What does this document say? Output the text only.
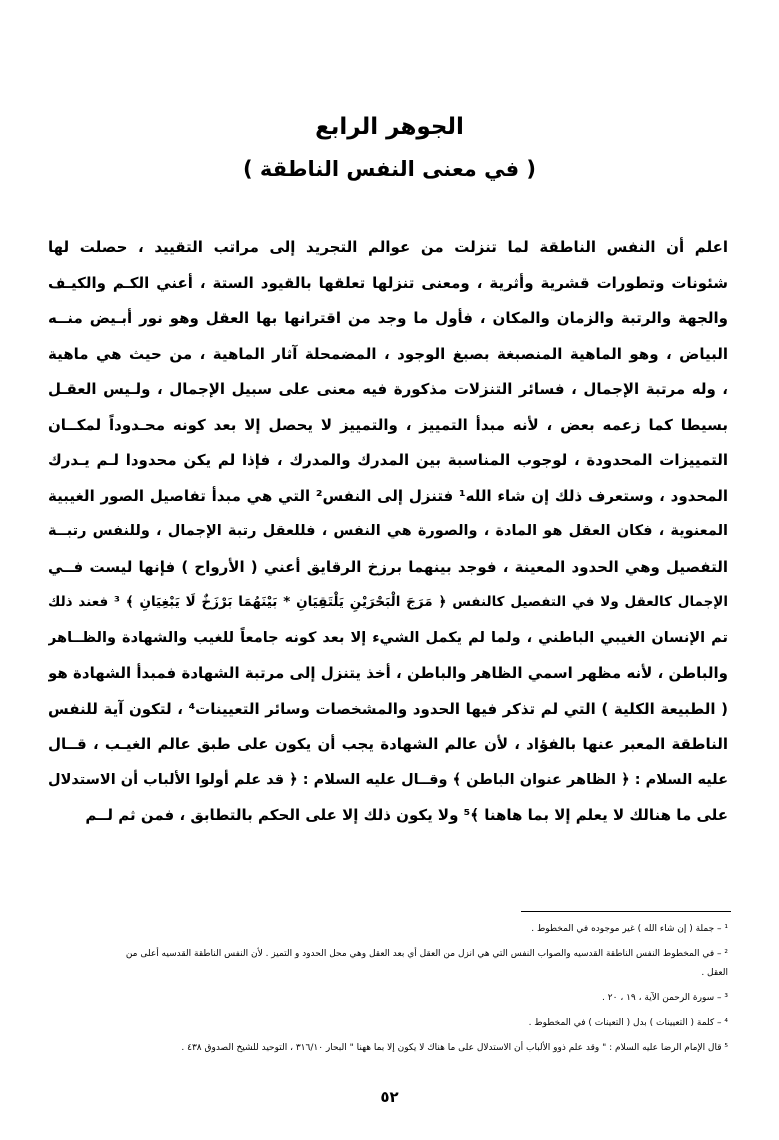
الجوهر الرابع
( في معنى النفس الناطقة )
اعلم أن النفس الناطقة لما تنزلت من عوالم التجريد إلى مراتب التقييد ، حصلت لها
شئونات وتطورات قشرية وأثرية ، ومعنى تنزلها تعلقها بالقيود الستة ، أعني الكـم والكيـف
والجهة والرتبة والزمان والمكان ، فأول ما وجد من اقترانها بها العقل وهو نور أبـيض منــه
البياض ، وهو الماهية المنصبغة بصبغ الوجود ، المضمحلة آثار الماهية ، من حيث هي ماهية
، وله مرتبة الإجمال ، فسائر التنزلات مذكورة فيه معنى على سبيل الإجمال ، ولـيس العقـل
بسيطا كما زعمه بعض ، لأنه مبدأ التمييز ، والتمييز لا يحصل إلا بعد كونه محـدوداً لمكــان
التمييزات المحدودة ، لوجوب المناسبة بين المدرك والمدرك ، فإذا لم يكن محدودا لـم يـدرك
المحدود ، وستعرف ذلك إن شاء الله¹ فتنزل إلى النفس² التي هي مبدأ تفاصيل الصور الغيبية
المعنوية ، فكان العقل هو المادة ، والصورة هي النفس ، فللعقل رتبة الإجمال ، وللنفس رتبــة
التفصيل وهي الحدود المعينة ، فوجد بينهما برزخ الرقايق أعني ( الأرواح ) فإنها ليست فــي
الإجمال كالعقل ولا في التفصيل كالنفس ﴿ مَرَجَ الْبَحْرَيْنِ يَلْتَقِيَانِ * بَيْنَهُمَا بَرْزَخٌ لَا يَبْغِيَانِ ﴾ ³ فعند ذلك
تم الإنسان الغيبي الباطني ، ولما لم يكمل الشيء إلا بعد كونه جامعاً للغيب والشهادة والظــاهر
والباطن ، لأنه مظهر اسمي الظاهر والباطن ، أخذ يتنزل إلى مرتبة الشهادة فمبدأ الشهادة هو
( الطبيعة الكلية ) التي لم تذكر فيها الحدود والمشخصات وسائر التعيينات⁴ ، لتكون آية للنفس
الناطقة المعبر عنها بالفؤاد ، لأن عالم الشهادة يجب أن يكون على طبق عالم الغيـب ، قــال
عليه السلام : ﴿ الظاهر عنوان الباطن ﴾ وقــال عليه السلام : ﴿ قد علم أولوا الألباب أن الاستدلال
على ما هنالك لا يعلم إلا بما هاهنا ﴾⁵ ولا يكون ذلك إلا على الحكم بالتطابق ، فمن ثم لــم
¹ – جملة ( إن شاء الله ) غير موجوده في المخطوط .
² – في المخطوط النفس الناطقة القدسيه والصواب النفس التي هي انزل من العقل أي بعد العقل وهي محل الحدود و التميز . لأن النفس الناطقة القدسيه أعلى من
العقل .
³ – سورة الرحمن الآية ، ١٩ ، ٢٠ .
⁴ – كلمة ( التعيينات ) بدل ( التعينات ) في المخطوط .
⁵ قال الإمام الرضا عليه السلام : " وقد علم ذوو الألباب أن الاستدلال على ما هناك لا يكون إلا بما ههنا " البحار ٣١٦/١٠ ، التوحيد للشيخ الصدوق ٤٣٨ .
٥٢
